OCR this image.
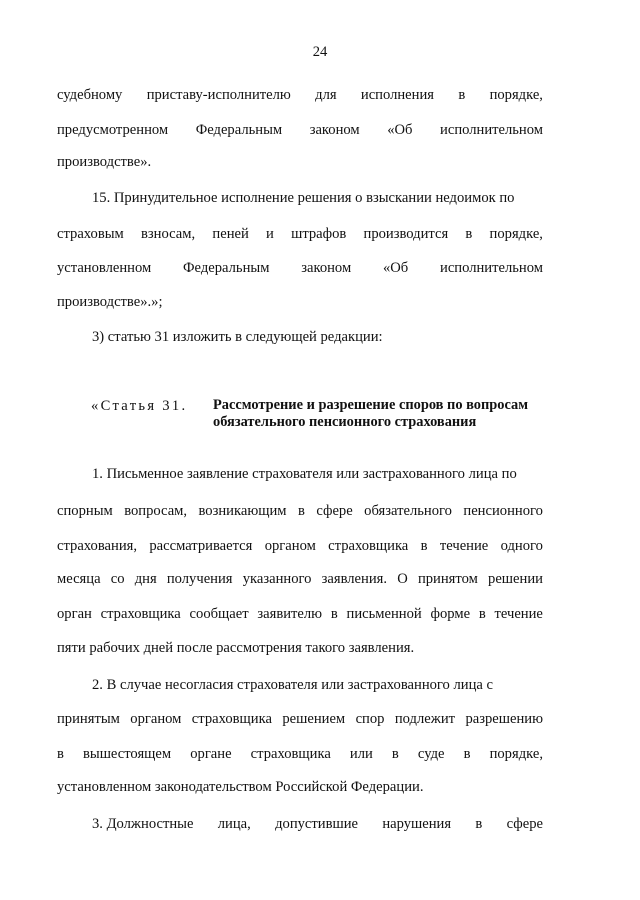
24
судебному приставу-исполнителю для исполнения в порядке,
предусмотренном Федеральным законом «Об исполнительном
производстве».
15. Принудительное исполнение решения о взыскании недоимок по
страховым взносам, пеней и штрафов производится в порядке,
установленном Федеральным законом «Об исполнительном
производстве».»;
3) статью 31 изложить в следующей редакции:
«Статья 31. Рассмотрение и разрешение споров по вопросам
обязательного пенсионного страхования
1. Письменное заявление страхователя или застрахованного лица по
спорным вопросам, возникающим в сфере обязательного пенсионного
страхования, рассматривается органом страховщика в течение одного
месяца со дня получения указанного заявления. О принятом решении
орган страховщика сообщает заявителю в письменной форме в течение
пяти рабочих дней после рассмотрения такого заявления.
2. В случае несогласия страхователя или застрахованного лица с
принятым органом страховщика решением спор подлежит разрешению
в вышестоящем органе страховщика или в суде в порядке,
установленном законодательством Российской Федерации.
3. Должностные лица, допустившие нарушения в сфере
